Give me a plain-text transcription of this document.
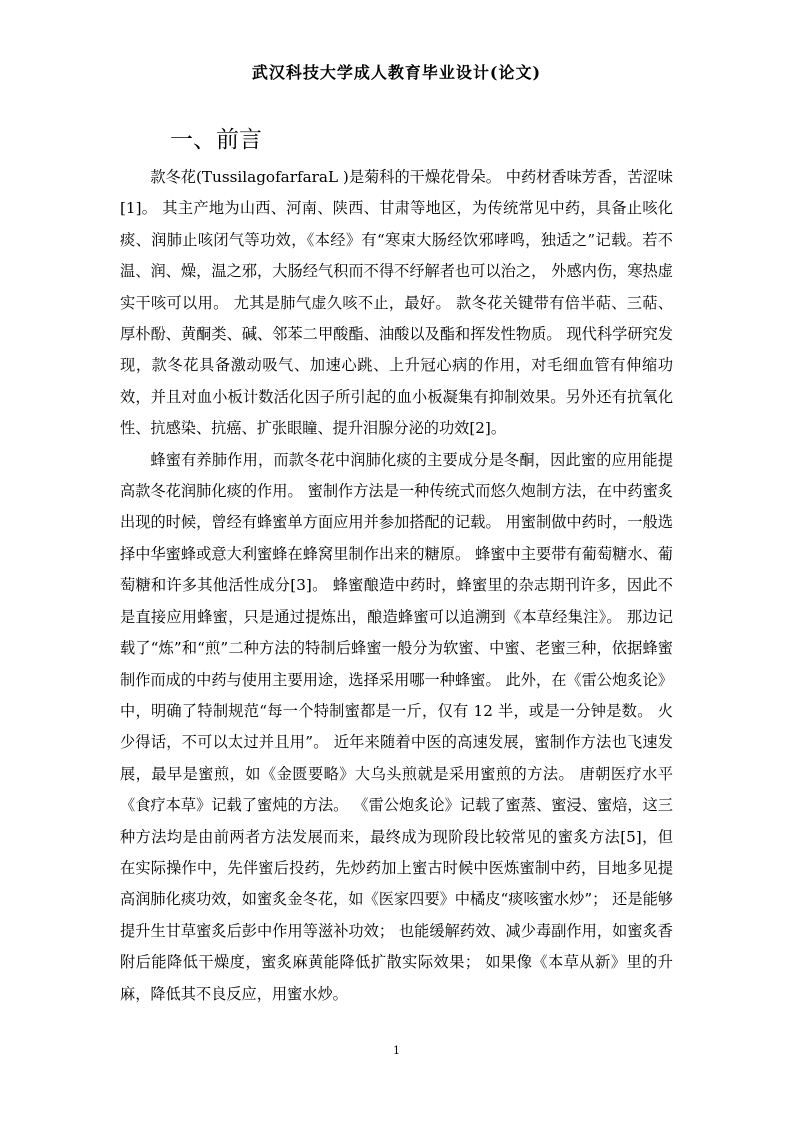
武汉科技大学成人教育毕业设计(论文)
一、前言

款冬花(TussilagofarfaraL )是菊科的干燥花骨朵。 中药材香味芳香，苦涩味[1]。 其主产地为山西、河南、陕西、甘肃等地区，为传统常见中药，具备止咳化痰、润肺止咳闭气等功效，《本经》有“寒束大肠经饮邪哮鸣，独适之”记载。若不温、润、燥，温之邪，大肠经气积而不得不纾解者也可以治之， 外感内伤，寒热虚实干咳可以用。 尤其是肺气虚久咳不止，最好。 款冬花关键带有倍半萜、三萜、厚朴酚、黄酮类、碱、邻苯二甲酸酯、油酸以及酯和挥发性物质。 现代科学研究发现，款冬花具备激动吸气、加速心跳、上升冠心病的作用，对毛细血管有伸缩功效，并且对血小板计数活化因子所引起的血小板凝集有抑制效果。另外还有抗氧化性、抗感染、抗癌、扩张眼瞳、提升泪腺分泌的功效[2]。

蜂蜜有养肺作用，而款冬花中润肺化痰的主要成分是冬酮，因此蜜的应用能提高款冬花润肺化痰的作用。 蜜制作方法是一种传统式而悠久炮制方法，在中药蜜炙出现的时候，曾经有蜂蜜单方面应用并参加搭配的记载。 用蜜制做中药时，一般选择中华蜜蜂或意大利蜜蜂在蜂窝里制作出来的糖原。 蜂蜜中主要带有葡萄糖水、葡萄糖和许多其他活性成分[3]。 蜂蜜酿造中药时，蜂蜜里的杂志期刊许多，因此不是直接应用蜂蜜，只是通过提炼出，酿造蜂蜜可以追溯到《本草经集注》。 那边记载了“炼”和“煎”二种方法的特制后蜂蜜一般分为软蜜、中蜜、老蜜三种，依据蜂蜜制作而成的中药与使用主要用途，选择采用哪一种蜂蜜。 此外，在《雷公炮炙论》中，明确了特制规范“每一个特制蜜都是一斤，仅有 12 半，或是一分钟是数。 火少得话，不可以太过并且用”。 近年来随着中医的高速发展，蜜制作方法也飞速发展，最早是蜜煎，如《金匮要略》大乌头煎就是采用蜜煎的方法。 唐朝医疗水平《食疗本草》记载了蜜炖的方法。 《雷公炮炙论》记载了蜜蒸、蜜浸、蜜焙，这三种方法均是由前两者方法发展而来，最终成为现阶段比较常见的蜜炙方法[5]，但在实际操作中，先伴蜜后投药，先炒药加上蜜古时候中医炼蜜制中药，目地多见提高润肺化痰功效，如蜜炙金冬花，如《医家四要》中橘皮“痰咳蜜水炒”； 还是能够提升生甘草蜜炙后彭中作用等滋补功效； 也能缓解药效、减少毒副作用，如蜜炙香附后能降低干燥度，蜜炙麻黄能降低扩散实际效果； 如果像《本草从新》里的升麻，降低其不良反应，用蜜水炒。

1
